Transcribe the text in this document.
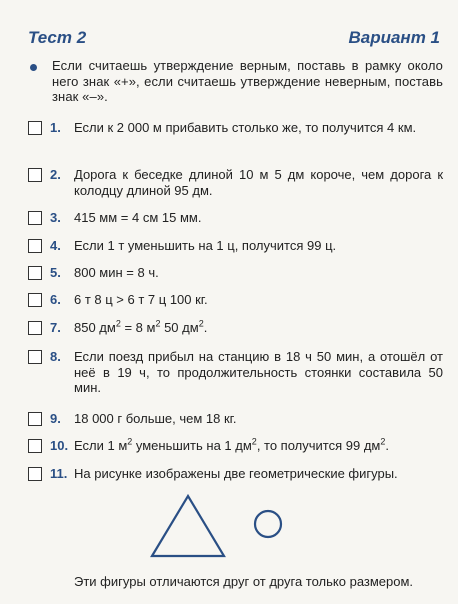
Тест 2	Вариант 1
Если считаешь утверждение верным, поставь в рамку около него знак «+», если считаешь утверждение неверным, поставь знак «–».
1. Если к 2 000 м прибавить столько же, то получится 4 км.
2. Дорога к беседке длиной 10 м 5 дм короче, чем дорога к колодцу длиной 95 дм.
3. 415 мм = 4 см 15 мм.
4. Если 1 т уменьшить на 1 ц, получится 99 ц.
5. 800 мин = 8 ч.
6. 6 т 8 ц > 6 т 7 ц 100 кг.
7. 850 $дм^2 = 8$ $м^2$ 50 $дм^2$.
8. Если поезд прибыл на станцию в 18 ч 50 мин, а отошёл от неё в 19 ч, то продолжительность стоянки составила 50 мин.
9. 18 000 г больше, чем 18 кг.
10. Если 1 $м^2$ уменьшить на 1 $дм^2$, то получится 99 $дм^2$.
11. На рисунке изображены две геометрические фигуры.
Эти фигуры отличаются друг от друга только размером.
